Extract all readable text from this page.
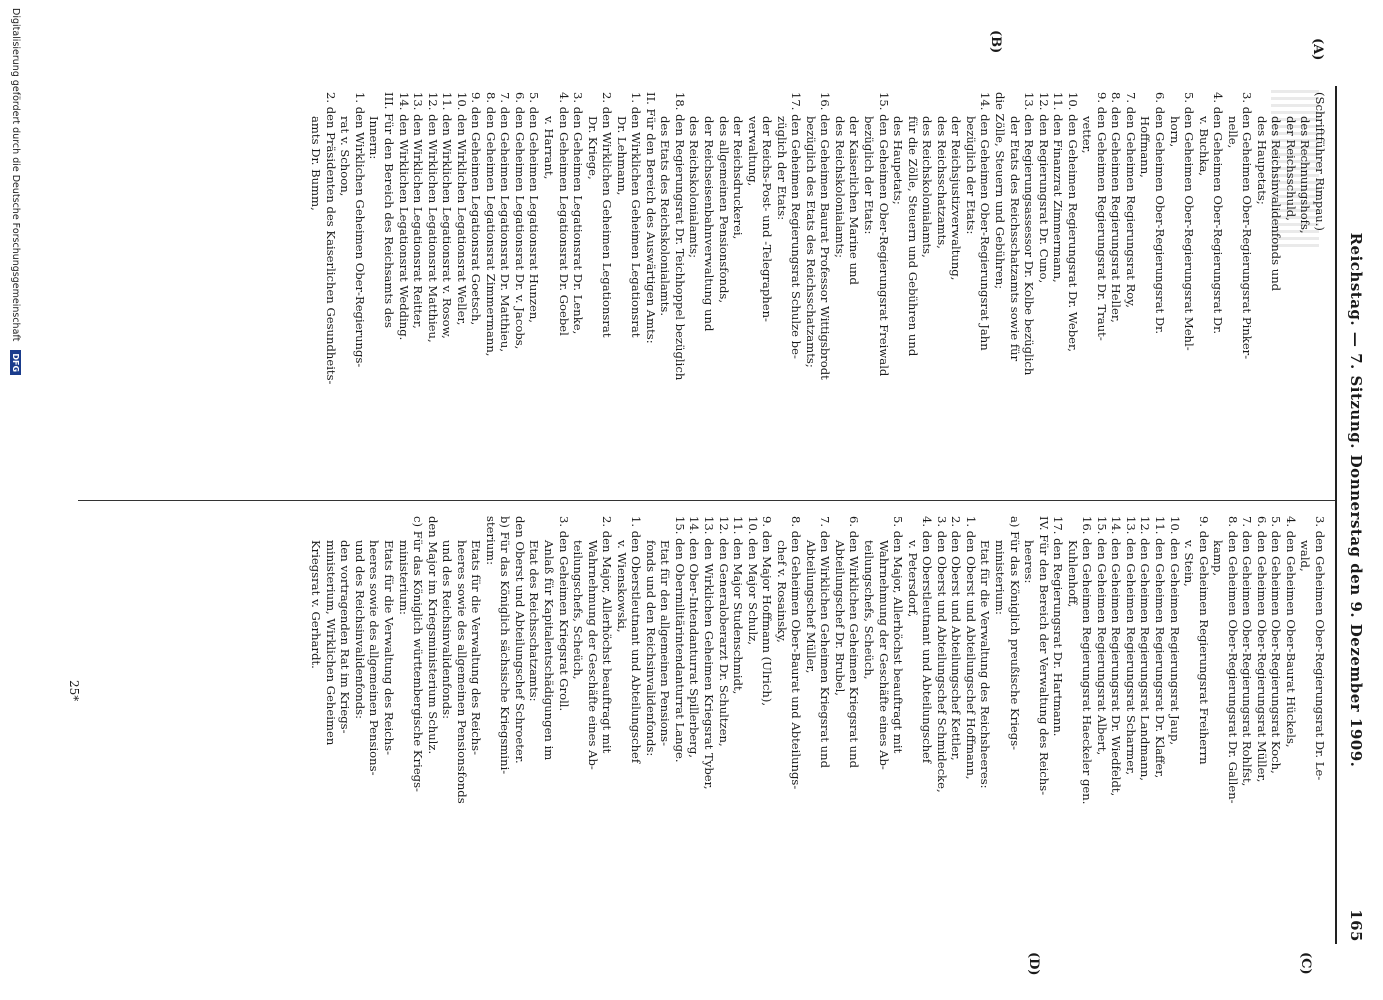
Reichstag. — 7. Sitzung. Donnerstag den 9. Dezember 1909.
165
(A)
(B)
(C)
(D)
(Schriftführer Rimpau.)
des Rechnungshofs,
der Reichsschuld,
des Reichsinvalidenfonds und
des Haupetats;
3. den Geheimen Ober-Regierungsrat Pinker-
nelle,
4. den Geheimen Ober-Regierungsrat Dr.
v. Buchka,
5. den Geheimen Ober-Regierungsrat Mehl-
horn,
6. den Geheimen Ober-Regierungsrat Dr.
Hoffmann,
7. den Geheimen Regierungsrat Roy,
8. den Geheimen Regierungsrat Heller,
9. den Geheimen Regierungsrat Dr. Traut-
vetter,
10. den Geheimen Regierungsrat Dr. Weber,
11. den Finanzrat Zimmermann,
12. den Regierungsrat Dr. Cuno,
13. den Regierungsassessor Dr. Kolbe bezüglich
der Etats des Reichsschatzamts sowie für
die Zölle, Steuern und Gebühren;
14. den Geheimen Ober-Regierungsrat Jahn
bezüglich der Etats:
der Reichsjustizverwaltung,
des Reichsschatzamts,
des Reichskolonialamts,
für die Zölle, Steuern und Gebühren und
des Haupetats;
15. den Geheimen Ober-Regierungsrat Freiwald
bezüglich der Etats:
der Kaiserlichen Marine und
des Reichskolonialamts;
16. den Geheimen Baurat Professor Wittigsbrodt
bezüglich des Etats des Reichsschatzamts;
17. den Geheimen Regierungsrat Schulze be-
züglich der Etats:
der Reichs-Post- und -Telegraphen-
verwaltung,
der Reichsdruckerei,
des allgemeinen Pensionsfonds,
der Reichseisenbahnverwaltung und
des Reichskolonialamts;
18. den Regierungsrat Dr. Teichhoppel bezüglich
des Etats des Reichskolonialamts.
II. Für den Bereich des Auswärtigen Amts:
1. den Wirklichen Geheimen Legationsrat
Dr. Lehmann,
2. den Wirklichen Geheimen Legationsrat
Dr. Kriege,
3. den Geheimen Legationsrat Dr. Lenke,
4. den Geheimen Legationsrat Dr. Goebel
v. Harrant,
5. den Geheimen Legationsrat Hunzen,
6. den Geheimen Legationsrat Dr. v. Jacobs,
7. den Geheimen Legationsrat Dr. Matthieu,
8. den Geheimen Legationsrat Zimmermann,
9. den Geheimen Legationsrat Goetsch,
10. den Wirklichen Legationsrat Weller,
11. den Wirklichen Legationsrat v. Rosow,
12. den Wirklichen Legationsrat Matthieu,
13. den Wirklichen Legationsrat Reitter,
14. den Wirklichen Legationsrat Wedding.
III. Für den Bereich des Reichsamts des
Innern:
1. den Wirklichen Geheimen Ober-Regierungs-
rat v. Schoon,
2. den Präsidenten des Kaiserlichen Gesundheits-
amts Dr. Bumm,
3. den Geheimen Ober-Regierungsrat Dr. Le-
wald,
4. den Geheimen Ober-Baurat Hückels,
5. den Geheimen Ober-Regierungsrat Koch,
6. den Geheimen Ober-Regierungsrat Müller,
7. den Geheimen Ober-Regierungsrat Rohlfst,
8. den Geheimen Ober-Regierungsrat Dr. Gallen-
kamp,
9. den Geheimen Regierungsrat Freiherrn
v. Stein,
10. den Geheimen Regierungsrat Jaup,
11. den Geheimen Regierungsrat Dr. Klaffer,
12. den Geheimen Regierungsrat Landmann,
13. den Geheimen Regierungsrat Scharmer,
14. den Geheimen Regierungsrat Dr. Wiedfeldt,
15. den Geheimen Regierungsrat Albert,
16. den Geheimen Regierungsrat Haeckeler gen.
Kuhlenhoff,
17. den Regierungsrat Dr. Hartmann.
IV. Für den Bereich der Verwaltung des Reichs-
heeres:
a) Für das Königlich preußische Kriegs-
ministerium:
Etat für die Verwaltung des Reichsheeres:
1. den Oberst und Abteilungschef Hoffmann,
2. den Oberst und Abteilungschef Kettler,
3. den Oberst und Abteilungschef Schmidecke,
4. den Oberstleutnant und Abteilungschef
v. Petersdorf,
5. den Major, Allerhöchst beauftragt mit
Wahrnehmung der Geschäfte eines Ab-
teilungschefs, Scheüch,
6. den Wirklichen Geheimen Kriegsrat und
Abteilungschef Dr. Brubel,
7. den Wirklichen Geheimen Kriegsrat und
Abteilungschef Müller,
8. den Geheimen Ober-Baurat und Abteilungs-
chef v. Rosainsky,
9. den Major Hoffmann (Ulrich),
10. den Major Schulz,
11. den Major Studenschmidt,
12. den Generaloberarzt Dr. Schultzen,
13. den Wirklichen Geheimen Kriegsrat Tyber,
14. den Ober-Intendanturrat Spillerberg,
15. den Obermilitärintendanturrat Lange.
Etat für den allgemeinen Pensions-
fonds und den Reichsinvalidenfonds:
1. den Oberstleutnant und Abteilungschef
v. Wienskowski,
2. den Major, Allerhöchst beauftragt mit
Wahrnehmung der Geschäfte eines Ab-
teilungschefs, Scheüch,
3. den Geheimen Kriegsrat Groll.
Anlaß für Kapitalentschädigungen im
Etat des Reichsschatzamts:
den Oberst und Abteilungschef Schroeter.
b) Für das Königlich sächsische Kriegsmini-
sterium:
Etats für die Verwaltung des Reichs-
heeres sowie des allgemeinen Pensionsfonds
und des Reichsinvalidenfonds:
den Major im Kriegsministerium Schulz.
c) Für das Königlich württembergische Kriegs-
ministerium:
Etats für die Verwaltung des Reichs-
heeres sowie des allgemeinen Pensions-
und des Reichsinvalidenfonds:
den vortragenden Rat im Kriegs-
ministerium, Wirklichen Geheimen
Kriegsrat v. Gerhardt.
25*
Digitalisierung gefördert durch die Deutsche Forschungsgemeinschaft DFG
